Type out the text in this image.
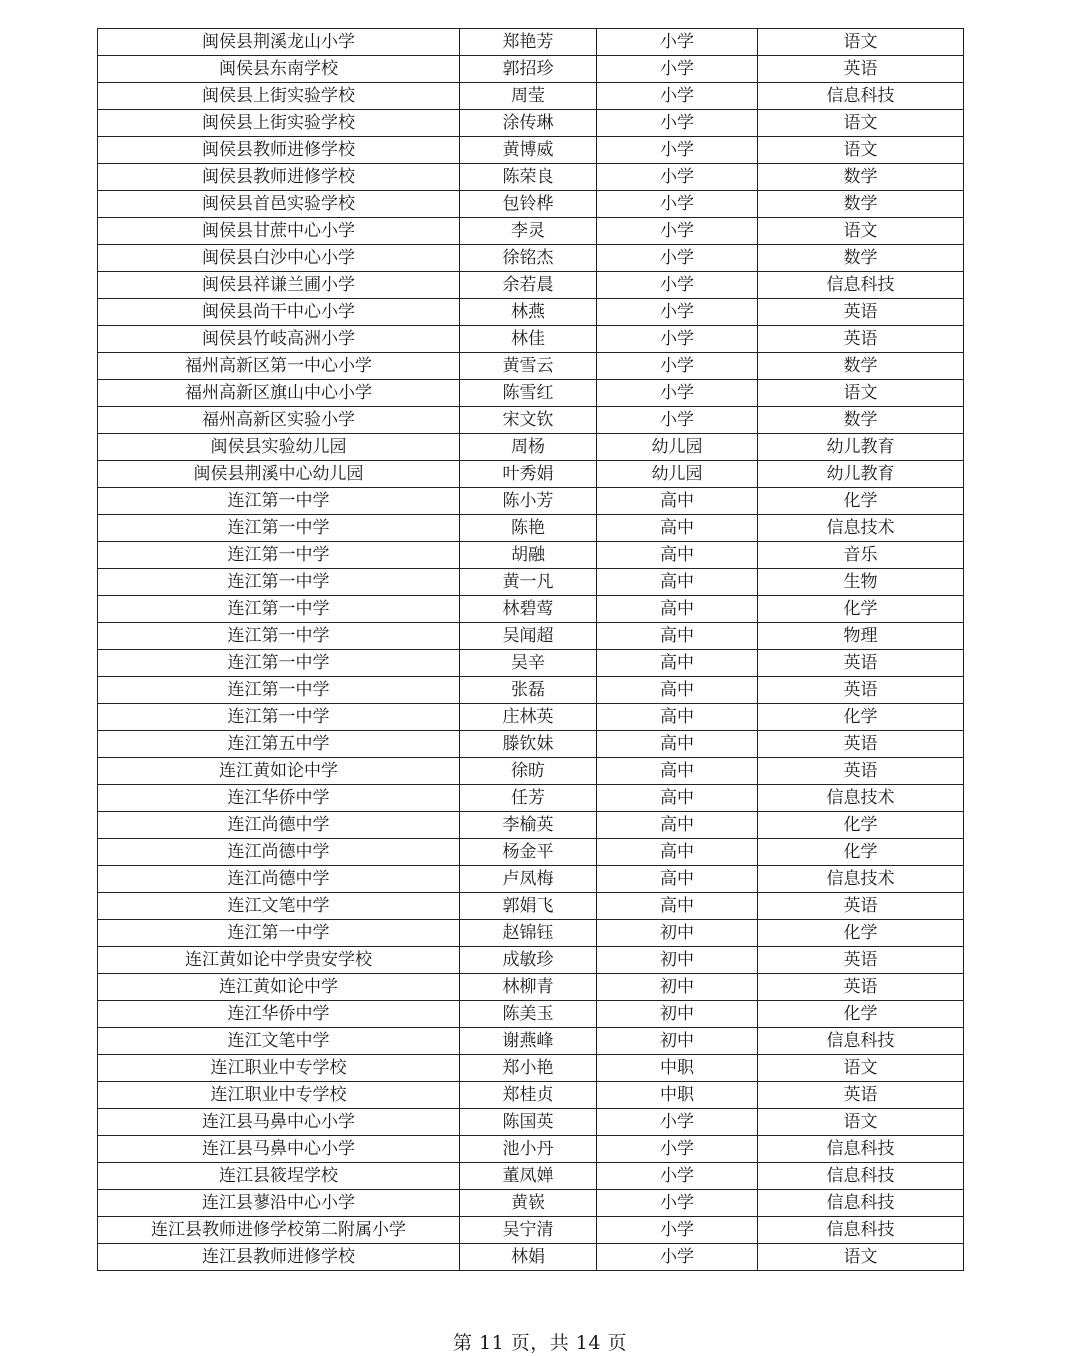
闽侯县荆溪龙山小学	郑艳芳	小学	语文
闽侯县东南学校	郭招珍	小学	英语
闽侯县上街实验学校	周莹	小学	信息科技
闽侯县上街实验学校	涂传琳	小学	语文
闽侯县教师进修学校	黄博威	小学	语文
闽侯县教师进修学校	陈荣良	小学	数学
闽侯县首邑实验学校	包铃桦	小学	数学
闽侯县甘蔗中心小学	李灵	小学	语文
闽侯县白沙中心小学	徐铭杰	小学	数学
闽侯县祥谦兰圃小学	余若晨	小学	信息科技
闽侯县尚干中心小学	林燕	小学	英语
闽侯县竹岐高洲小学	林佳	小学	英语
福州高新区第一中心小学	黄雪云	小学	数学
福州高新区旗山中心小学	陈雪红	小学	语文
福州高新区实验小学	宋文钦	小学	数学
闽侯县实验幼儿园	周杨	幼儿园	幼儿教育
闽侯县荆溪中心幼儿园	叶秀娟	幼儿园	幼儿教育
连江第一中学	陈小芳	高中	化学
连江第一中学	陈艳	高中	信息技术
连江第一中学	胡融	高中	音乐
连江第一中学	黄一凡	高中	生物
连江第一中学	林碧莺	高中	化学
连江第一中学	吴闻超	高中	物理
连江第一中学	吴辛	高中	英语
连江第一中学	张磊	高中	英语
连江第一中学	庄林英	高中	化学
连江第五中学	滕钦妹	高中	英语
连江黄如论中学	徐昉	高中	英语
连江华侨中学	任芳	高中	信息技术
连江尚德中学	李榆英	高中	化学
连江尚德中学	杨金平	高中	化学
连江尚德中学	卢凤梅	高中	信息技术
连江文笔中学	郭娟飞	高中	英语
连江第一中学	赵锦钰	初中	化学
连江黄如论中学贵安学校	成敏珍	初中	英语
连江黄如论中学	林柳青	初中	英语
连江华侨中学	陈美玉	初中	化学
连江文笔中学	谢燕峰	初中	信息科技
连江职业中专学校	郑小艳	中职	语文
连江职业中专学校	郑桂贞	中职	英语
连江县马鼻中心小学	陈国英	小学	语文
连江县马鼻中心小学	池小丹	小学	信息科技
连江县筱埕学校	董凤婵	小学	信息科技
连江县蓼沿中心小学	黄嵚	小学	信息科技
连江县教师进修学校第二附属小学	吴宁清	小学	信息科技
连江县教师进修学校	林娟	小学	语文
第 11 页，共 14 页
